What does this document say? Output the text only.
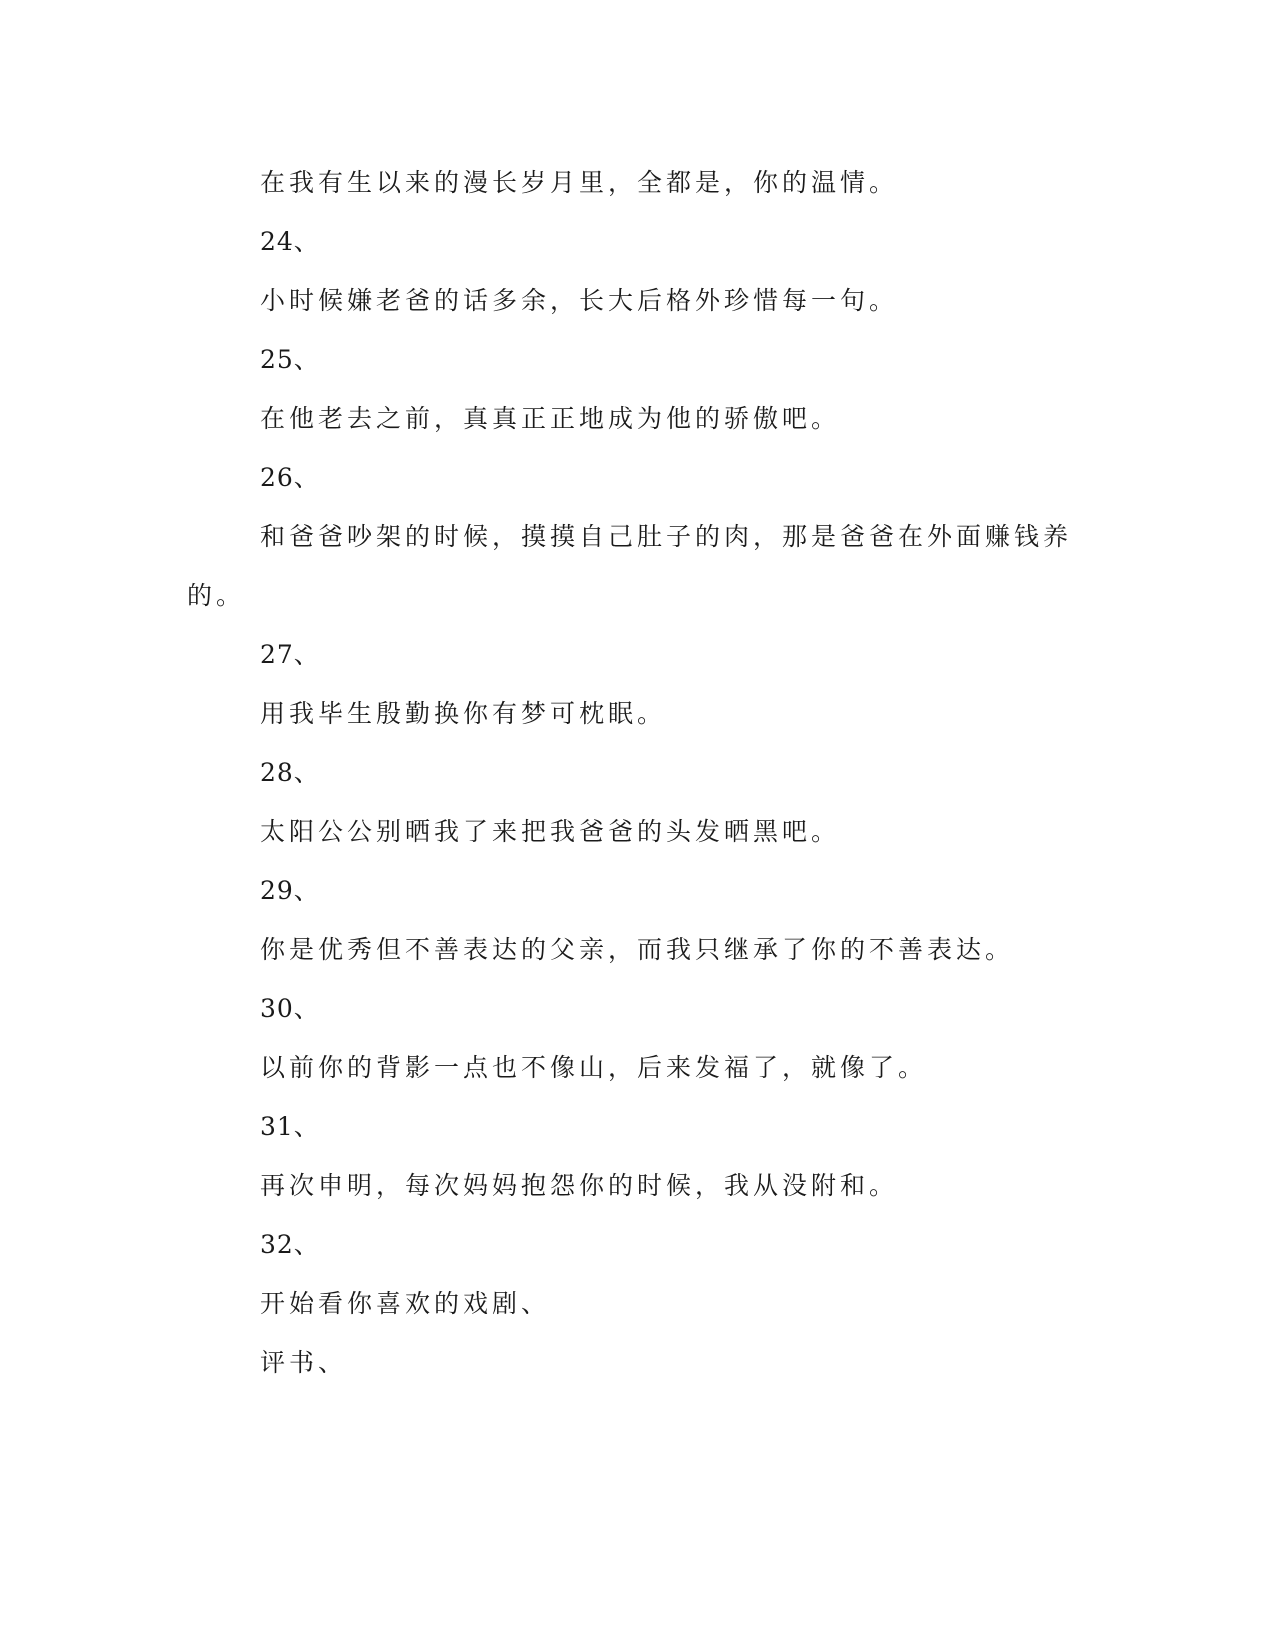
在我有生以来的漫长岁月里，全都是，你的温情。
24、
小时候嫌老爸的话多余，长大后格外珍惜每一句。
25、
在他老去之前，真真正正地成为他的骄傲吧。
26、
和爸爸吵架的时候，摸摸自己肚子的肉，那是爸爸在外面赚钱养
的。
27、
用我毕生殷勤换你有梦可枕眠。
28、
太阳公公别晒我了来把我爸爸的头发晒黑吧。
29、
你是优秀但不善表达的父亲，而我只继承了你的不善表达。
30、
以前你的背影一点也不像山，后来发福了，就像了。
31、
再次申明，每次妈妈抱怨你的时候，我从没附和。
32、
开始看你喜欢的戏剧、
评书、
